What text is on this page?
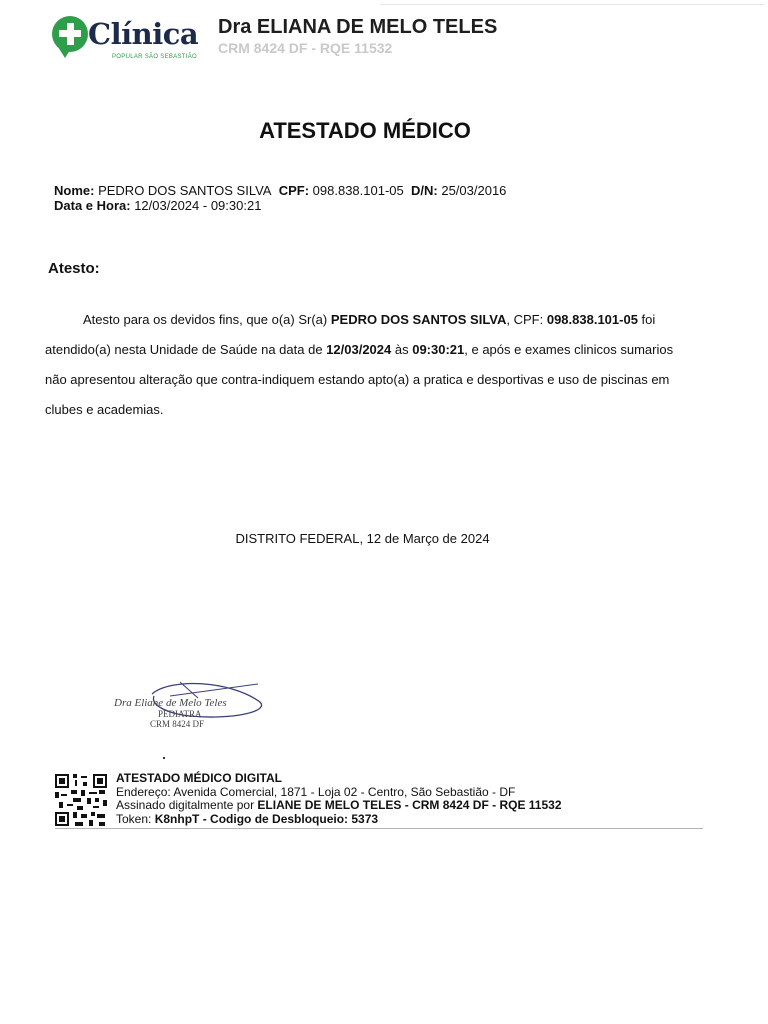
Clínica
POPULAR SÃO SEBASTIÃO
Dra ELIANA DE MELO TELES
CRM 8424 DF - RQE 11532
ATESTADO MÉDICO
Nome: PEDRO DOS SANTOS SILVA CPF: 098.838.101-05 D/N: 25/03/2016
Data e Hora: 12/03/2024 - 09:30:21
Atesto:
Atesto para os devidos fins, que o(a) Sr(a) PEDRO DOS SANTOS SILVA, CPF: 098.838.101-05 foi atendido(a) nesta Unidade de Saúde na data de 12/03/2024 às 09:30:21, e após e exames clinicos sumarios não apresentou alteração que contra-indiquem estando apto(a) a pratica e desportivas e uso de piscinas em clubes e academias.
DISTRITO FEDERAL, 12 de Março de 2024
Dra Eliane de Melo Teles
PEDIATRA
CRM 8424 DF
ATESTADO MÉDICO DIGITAL
Endereço: Avenida Comercial, 1871 - Loja 02 - Centro, São Sebastião - DF
Assinado digitalmente por ELIANE DE MELO TELES - CRM 8424 DF - RQE 11532
Token: K8nhpT - Codigo de Desbloqueio: 5373
